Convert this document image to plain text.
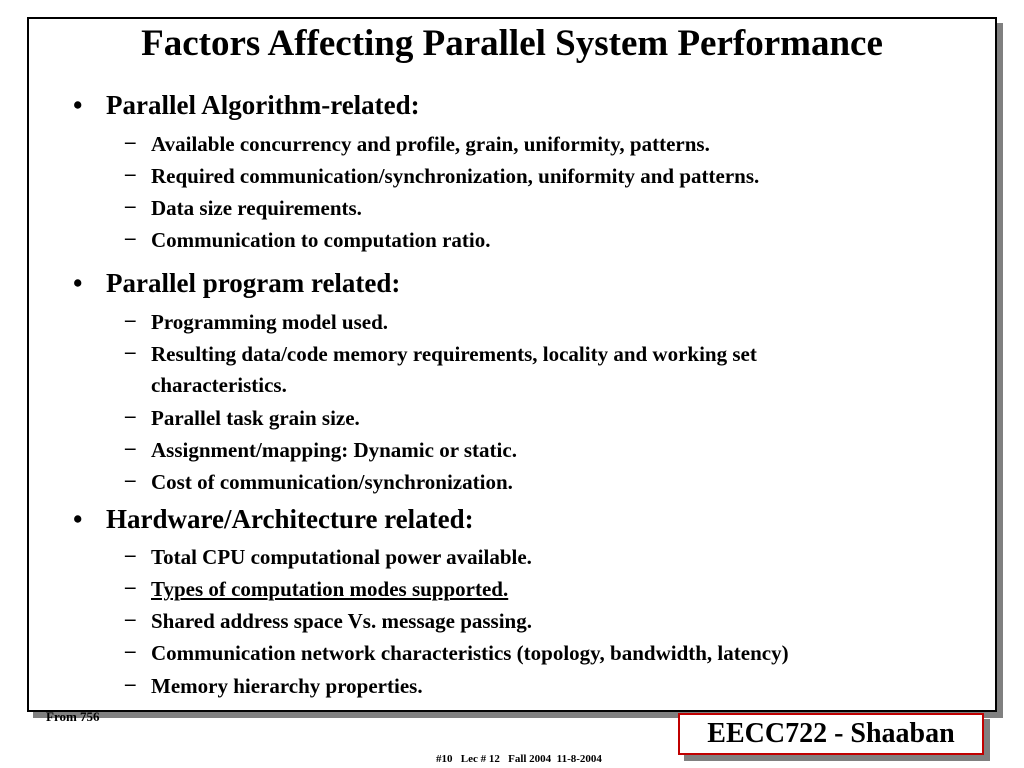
Factors Affecting Parallel System Performance
• Parallel Algorithm-related:
– Available concurrency and profile, grain, uniformity, patterns.
– Required communication/synchronization, uniformity and patterns.
– Data size requirements.
– Communication to computation ratio.
• Parallel program related:
– Programming model used.
– Resulting data/code memory requirements, locality and working set
characteristics.
– Parallel task grain size.
– Assignment/mapping: Dynamic or static.
– Cost of communication/synchronization.
• Hardware/Architecture related:
– Total CPU computational power available.
– Types of computation modes supported.
– Shared address space Vs. message passing.
– Communication network characteristics (topology, bandwidth, latency)
– Memory hierarchy properties.
From 756
EECC722 - Shaaban
#10   Lec # 12   Fall 2004  11-8-2004
